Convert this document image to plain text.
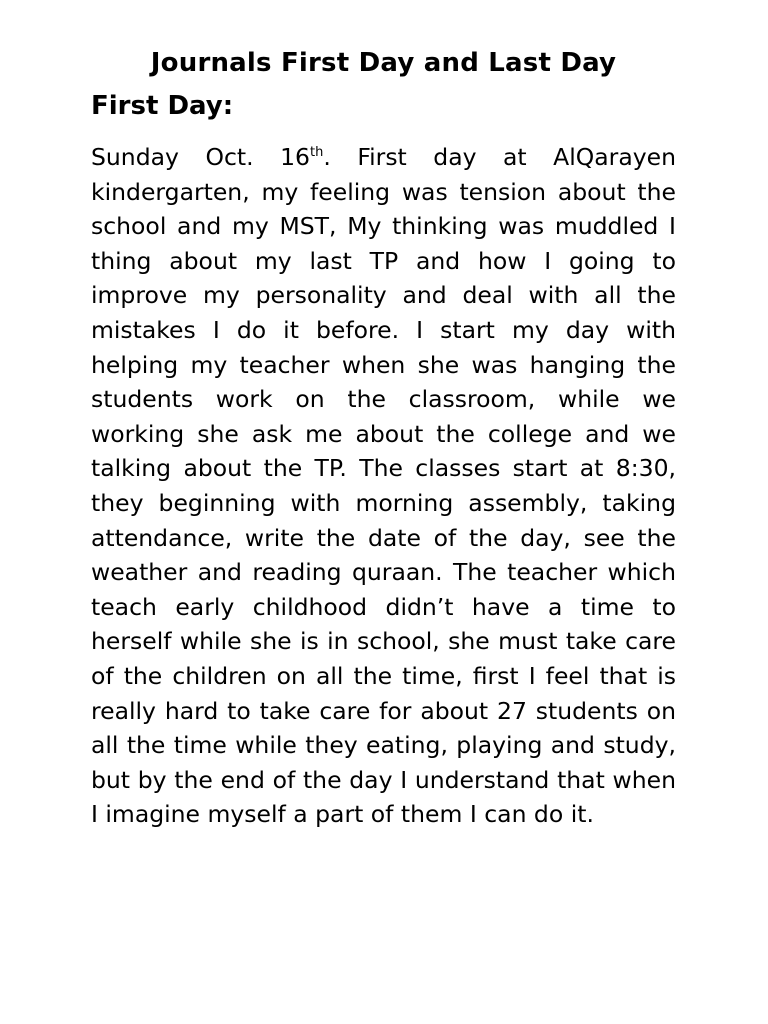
Journals First Day and Last Day
First Day:

Sunday Oct. 16th. First day at AlQarayen kindergarten, my feeling was tension about the school and my MST, My thinking was muddled I thing about my last TP and how I going to improve my personality and deal with all the mistakes I do it before. I start my day with helping my teacher when she was hanging the students work on the classroom, while we working she ask me about the college and we talking about the TP. The classes start at 8:30, they beginning with morning assembly, taking attendance, write the date of the day, see the weather and reading quraan. The teacher which teach early childhood didn’t have a time to herself while she is in school, she must take care of the children on all the time, first I feel that is really hard to take care for about 27 students on all the time while they eating, playing and study, but by the end of the day I understand that when I imagine myself a part of them I can do it.
